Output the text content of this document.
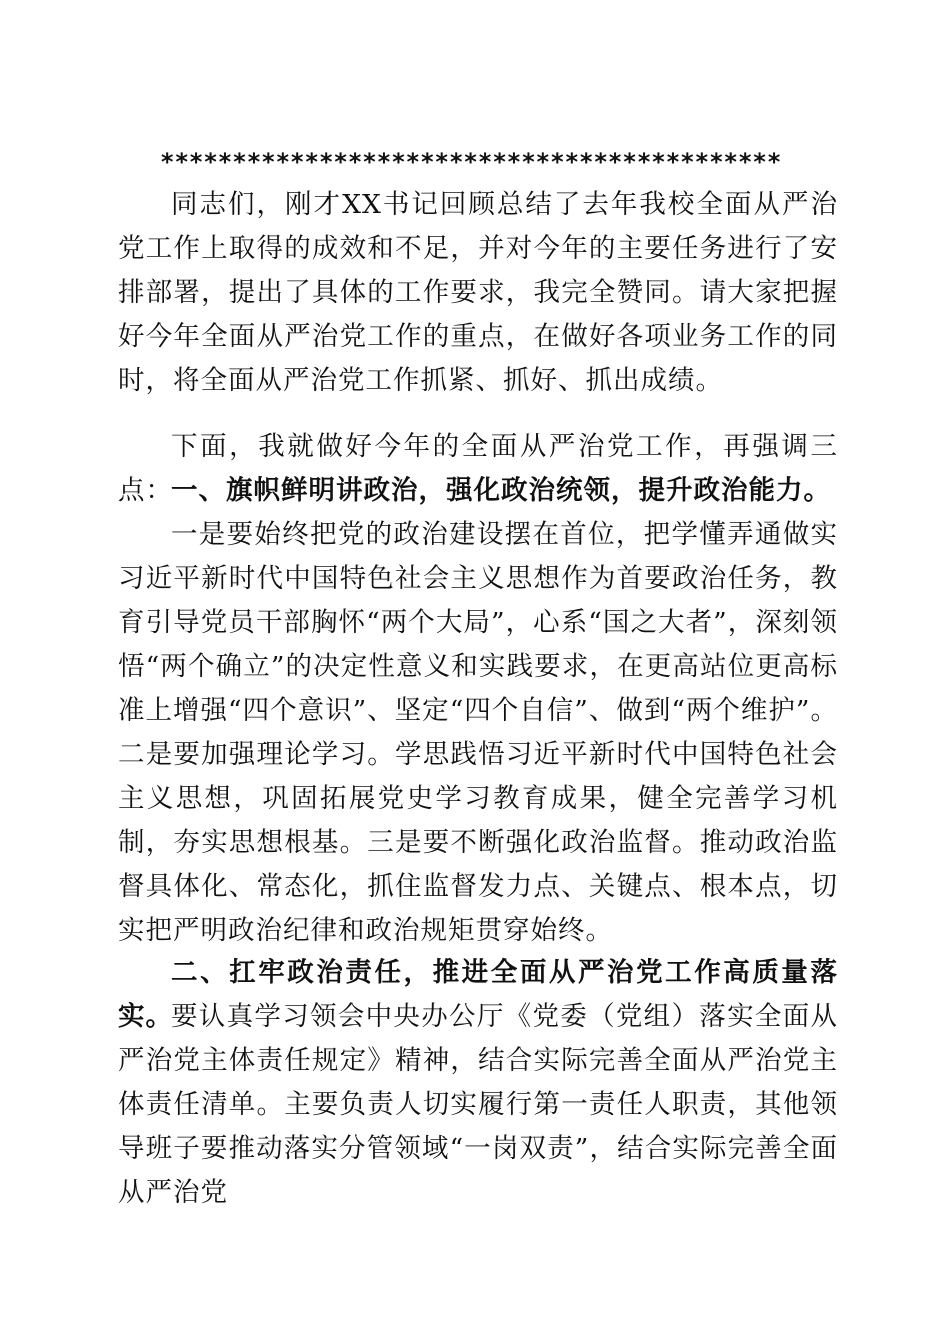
*******************************************
同志们，刚才XX书记回顾总结了去年我校全面从严治党工作上取得的成效和不足，并对今年的主要任务进行了安排部署，提出了具体的工作要求，我完全赞同。请大家把握好今年全面从严治党工作的重点，在做好各项业务工作的同时，将全面从严治党工作抓紧、抓好、抓出成绩。
下面，我就做好今年的全面从严治党工作，再强调三点：
一、旗帜鲜明讲政治，强化政治统领，提升政治能力。
一是要始终把党的政治建设摆在首位，把学懂弄通做实习近平新时代中国特色社会主义思想作为首要政治任务，教育引导党员干部胸怀“两个大局”，心系“国之大者”，深刻领悟“两个确立”的决定性意义和实践要求，在更高站位更高标准上增强“四个意识”、坚定“四个自信”、做到“两个维护”。二是要加强理论学习。学思践悟习近平新时代中国特色社会主义思想，巩固拓展党史学习教育成果，健全完善学习机制，夯实思想根基。三是要不断强化政治监督。推动政治监督具体化、常态化，抓住监督发力点、关键点、根本点，切实把严明政治纪律和政治规矩贯穿始终。
二、扛牢政治责任，推进全面从严治党工作高质量落实。
要认真学习领会中央办公厅《党委（党组）落实全面从严治党主体责任规定》精神，结合实际完善全面从严治党主体责任清单。主要负责人切实履行第一责任人职责，其他领导班子要推动落实分管领域“一岗双责”，结合实际完善全面从严治党
